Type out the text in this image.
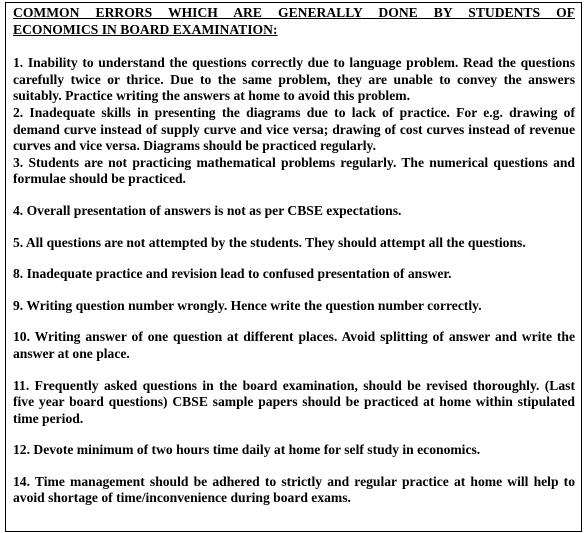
COMMON ERRORS WHICH ARE GENERALLY DONE BY STUDENTS OF
ECONOMICS IN BOARD EXAMINATION:

1. Inability to understand the questions correctly due to language problem. Read the questions carefully twice or thrice. Due to the same problem, they are unable to convey the answers suitably. Practice writing the answers at home to avoid this problem.

2. Inadequate skills in presenting the diagrams due to lack of practice. For e.g. drawing of demand curve instead of supply curve and vice versa; drawing of cost curves instead of revenue curves and vice versa. Diagrams should be practiced regularly.

3. Students are not practicing mathematical problems regularly. The numerical questions and formulae should be practiced.

4. Overall presentation of answers is not as per CBSE expectations.

5. All questions are not attempted by the students. They should attempt all the questions.

8. Inadequate practice and revision lead to confused presentation of answer.

9. Writing question number wrongly. Hence write the question number correctly.

10. Writing answer of one question at different places. Avoid splitting of answer and write the answer at one place.

11. Frequently asked questions in the board examination, should be revised thoroughly. (Last five year board questions) CBSE sample papers should be practiced at home within stipulated time period.

12. Devote minimum of two hours time daily at home for self study in economics.

14. Time management should be adhered to strictly and regular practice at home will help to avoid shortage of time/inconvenience during board exams.
